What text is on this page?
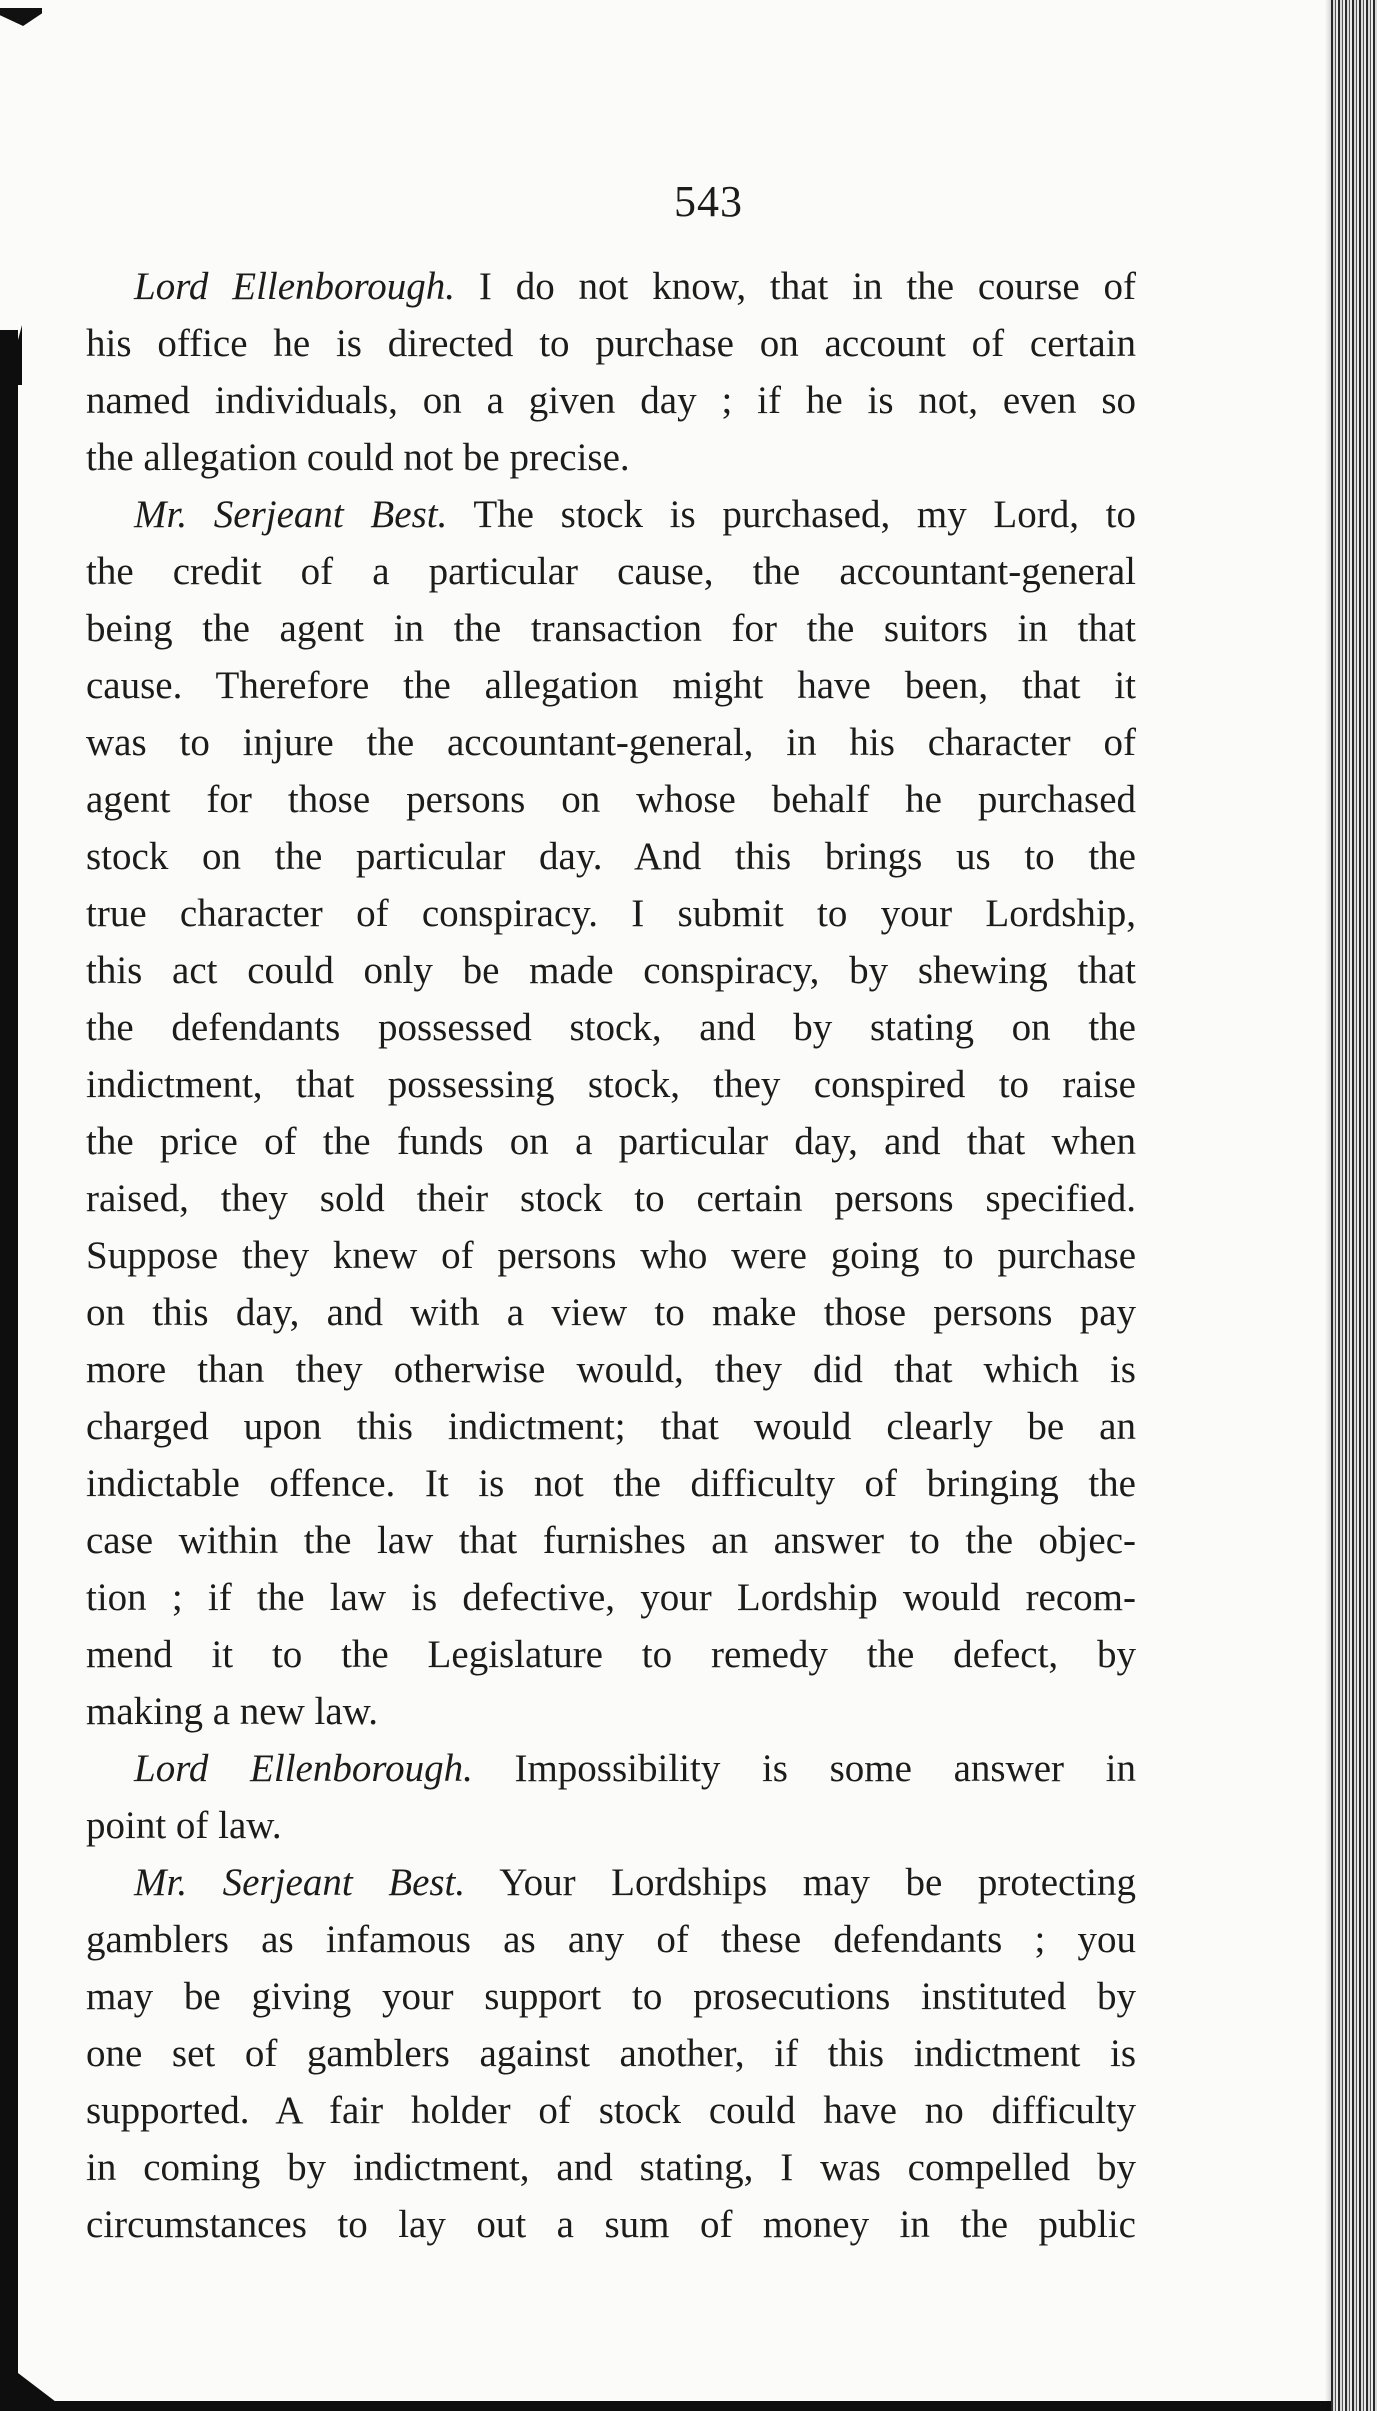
543
Lord Ellenborough. I do not know, that in the course of
his office he is directed to purchase on account of certain
named individuals, on a given day ; if he is not, even so
the allegation could not be precise.
Mr. Serjeant Best. The stock is purchased, my Lord, to
the credit of a particular cause, the accountant-general
being the agent in the transaction for the suitors in that
cause. Therefore the allegation might have been, that it
was to injure the accountant-general, in his character of
agent for those persons on whose behalf he purchased
stock on the particular day. And this brings us to the
true character of conspiracy. I submit to your Lordship,
this act could only be made conspiracy, by shewing that
the defendants possessed stock, and by stating on the
indictment, that possessing stock, they conspired to raise
the price of the funds on a particular day, and that when
raised, they sold their stock to certain persons specified.
Suppose they knew of persons who were going to purchase
on this day, and with a view to make those persons pay
more than they otherwise would, they did that which is
charged upon this indictment; that would clearly be an
indictable offence. It is not the difficulty of bringing the
case within the law that furnishes an answer to the objec-
tion ; if the law is defective, your Lordship would recom-
mend it to the Legislature to remedy the defect, by
making a new law.
Lord Ellenborough. Impossibility is some answer in
point of law.
Mr. Serjeant Best. Your Lordships may be protecting
gamblers as infamous as any of these defendants ; you
may be giving your support to prosecutions instituted by
one set of gamblers against another, if this indictment is
supported. A fair holder of stock could have no difficulty
in coming by indictment, and stating, I was compelled by
circumstances to lay out a sum of money in the public
